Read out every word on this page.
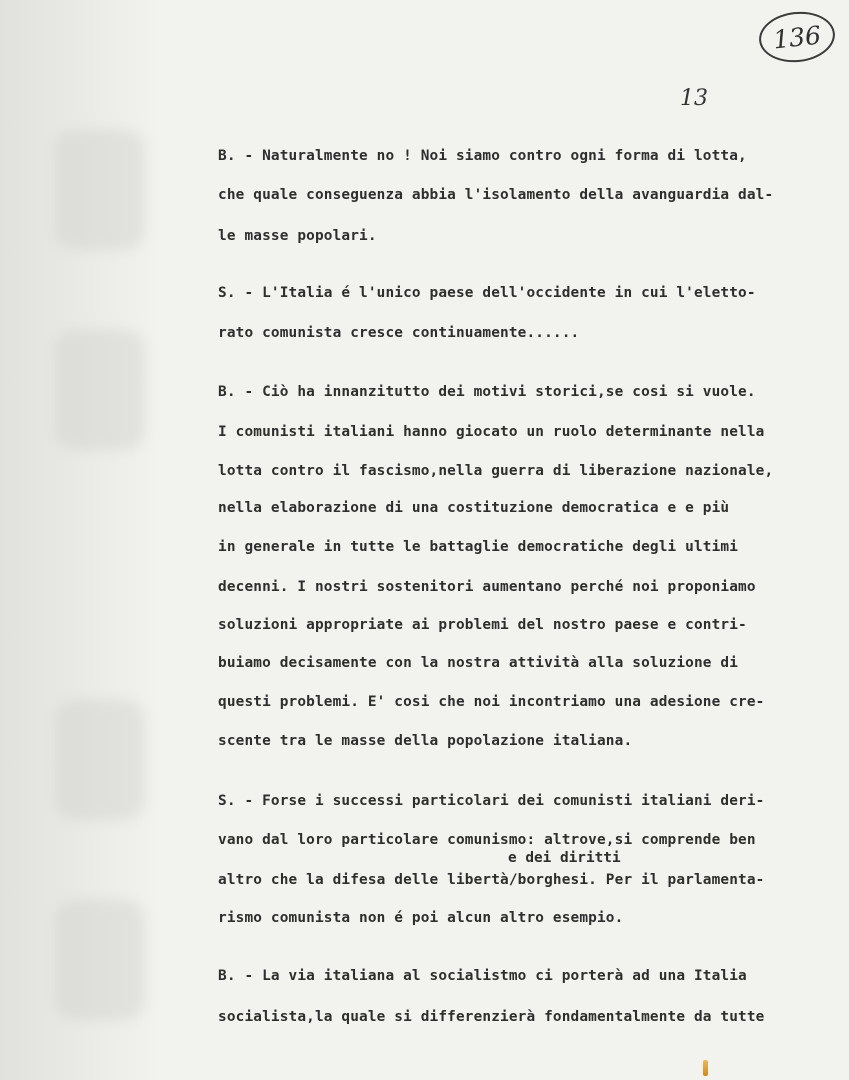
136
13
B. - Naturalmente no ! Noi siamo contro ogni forma di lotta,
che quale conseguenza abbia l'isolamento della avanguardia dal-
le masse popolari.
S. - L'Italia é l'unico paese dell'occidente in cui l'eletto-
rato comunista cresce continuamente......
B. - Ciò ha innanzitutto dei motivi storici,se cosi si vuole.
I comunisti italiani hanno giocato un ruolo determinante nella
lotta contro il fascismo,nella guerra di liberazione nazionale,
nella elaborazione di una costituzione democratica e e più
in generale in tutte le battaglie democratiche degli ultimi
decenni. I nostri sostenitori aumentano perché noi proponiamo
soluzioni appropriate ai problemi del nostro paese e contri-
buiamo decisamente con la nostra attività alla soluzione di
questi problemi. E' cosi che noi incontriamo una adesione cre-
scente tra le masse della popolazione italiana.
S. - Forse i successi particolari dei comunisti italiani deri-
vano dal loro particolare comunismo: altrove,si comprende ben
e dei diritti
altro che la difesa delle libertà/borghesi. Per il parlamenta-
rismo comunista non é poi alcun altro esempio.
B. - La via italiana al socialistmo ci porterà ad una Italia
socialista,la quale si differenzierà fondamentalmente da tutte
